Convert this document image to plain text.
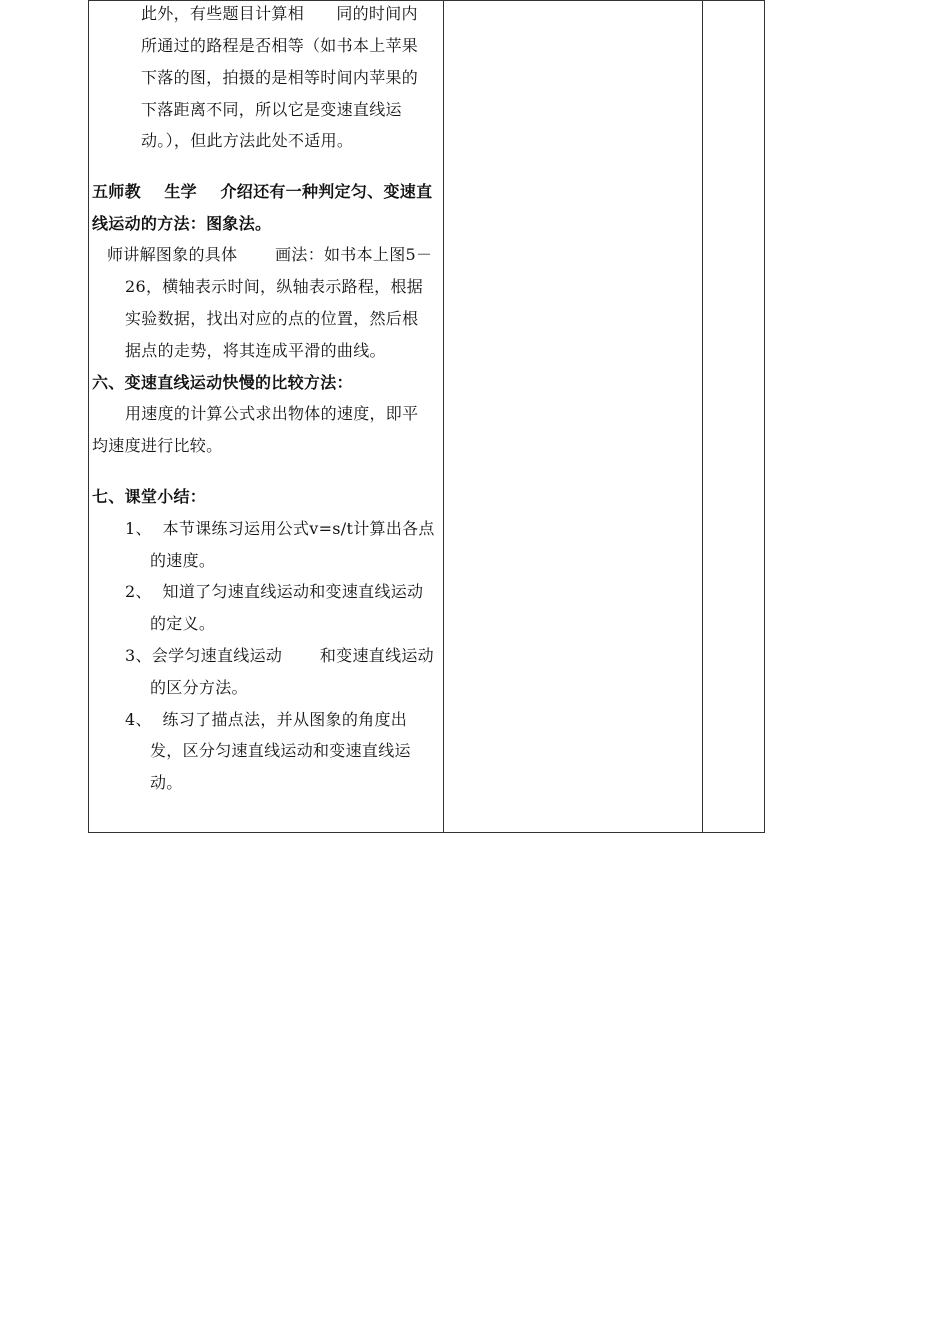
此外，有些题目计算相      同的时间内
所通过的路程是否相等（如书本上苹果
下落的图，拍摄的是相等时间内苹果的
下落距离不同，所以它是变速直线运
动。），但此方法此处不适用。
五师教    生学    介绍还有一种判定匀、变速直
线运动的方法：图象法。
师讲解图象的具体       画法：如书本上图5－
26，横轴表示时间，纵轴表示路程，根据
实验数据，找出对应的点的位置，然后根
据点的走势，将其连成平滑的曲线。
六、变速直线运动快慢的比较方法：
用速度的计算公式求出物体的速度，即平
均速度进行比较。
七、课堂小结：
1、  本节课练习运用公式v=s/t计算出各点
的速度。
2、  知道了匀速直线运动和变速直线运动
的定义。
3、会学匀速直线运动       和变速直线运动
的区分方法。
4、  练习了描点法，并从图象的角度出
发，区分匀速直线运动和变速直线运
动。
